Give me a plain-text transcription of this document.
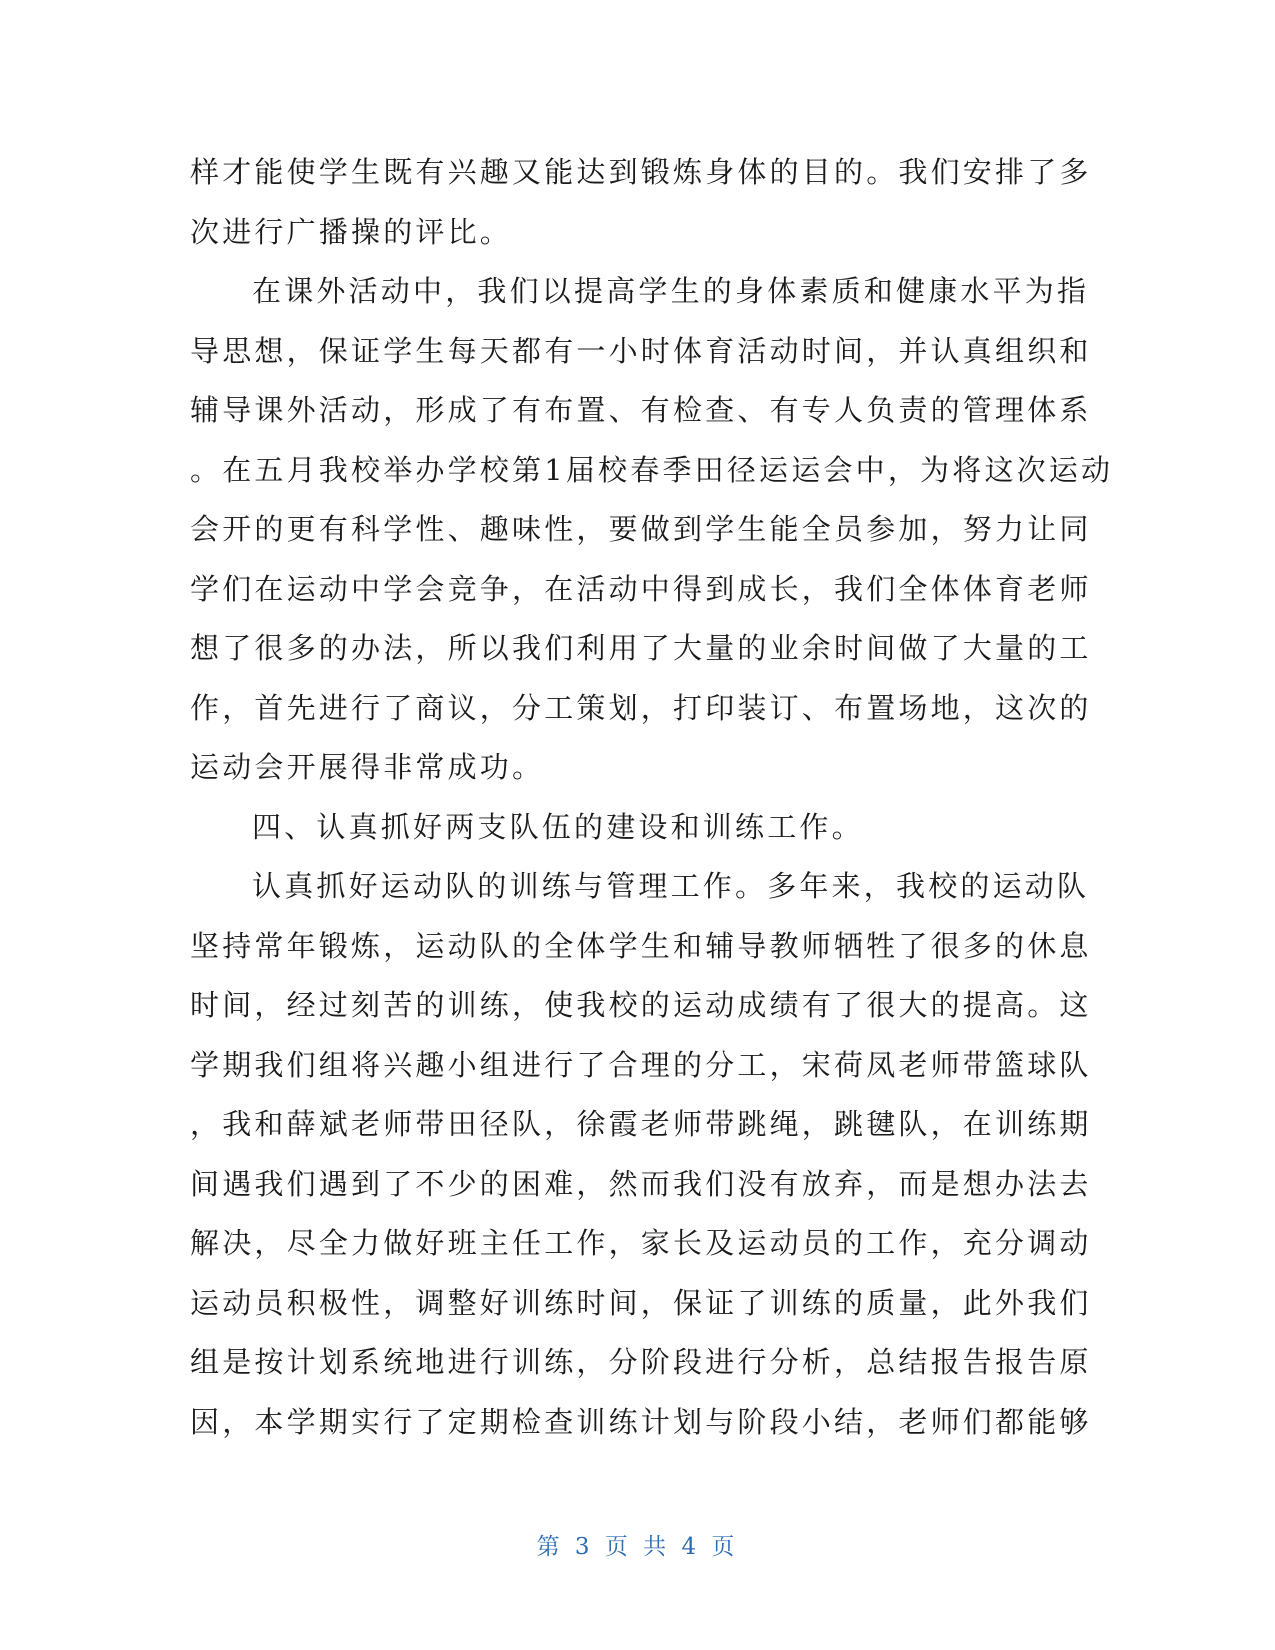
样才能使学生既有兴趣又能达到锻炼身体的目的。我们安排了多
次进行广播操的评比。
在课外活动中，我们以提高学生的身体素质和健康水平为指
导思想，保证学生每天都有一小时体育活动时间，并认真组织和
辅导课外活动，形成了有布置、有检查、有专人负责的管理体系
。在五月我校举办学校第1届校春季田径运运会中，为将这次运动
会开的更有科学性、趣味性，要做到学生能全员参加，努力让同
学们在运动中学会竞争，在活动中得到成长，我们全体体育老师
想了很多的办法，所以我们利用了大量的业余时间做了大量的工
作，首先进行了商议，分工策划，打印装订、布置场地，这次的
运动会开展得非常成功。
四、认真抓好两支队伍的建设和训练工作。
认真抓好运动队的训练与管理工作。多年来，我校的运动队
坚持常年锻炼，运动队的全体学生和辅导教师牺牲了很多的休息
时间，经过刻苦的训练，使我校的运动成绩有了很大的提高。这
学期我们组将兴趣小组进行了合理的分工，宋荷凤老师带篮球队
，我和薛斌老师带田径队，徐霞老师带跳绳，跳毽队，在训练期
间遇我们遇到了不少的困难，然而我们没有放弃，而是想办法去
解决，尽全力做好班主任工作，家长及运动员的工作，充分调动
运动员积极性，调整好训练时间，保证了训练的质量，此外我们
组是按计划系统地进行训练，分阶段进行分析，总结报告报告原
因，本学期实行了定期检查训练计划与阶段小结，老师们都能够
第 3 页 共 4 页
